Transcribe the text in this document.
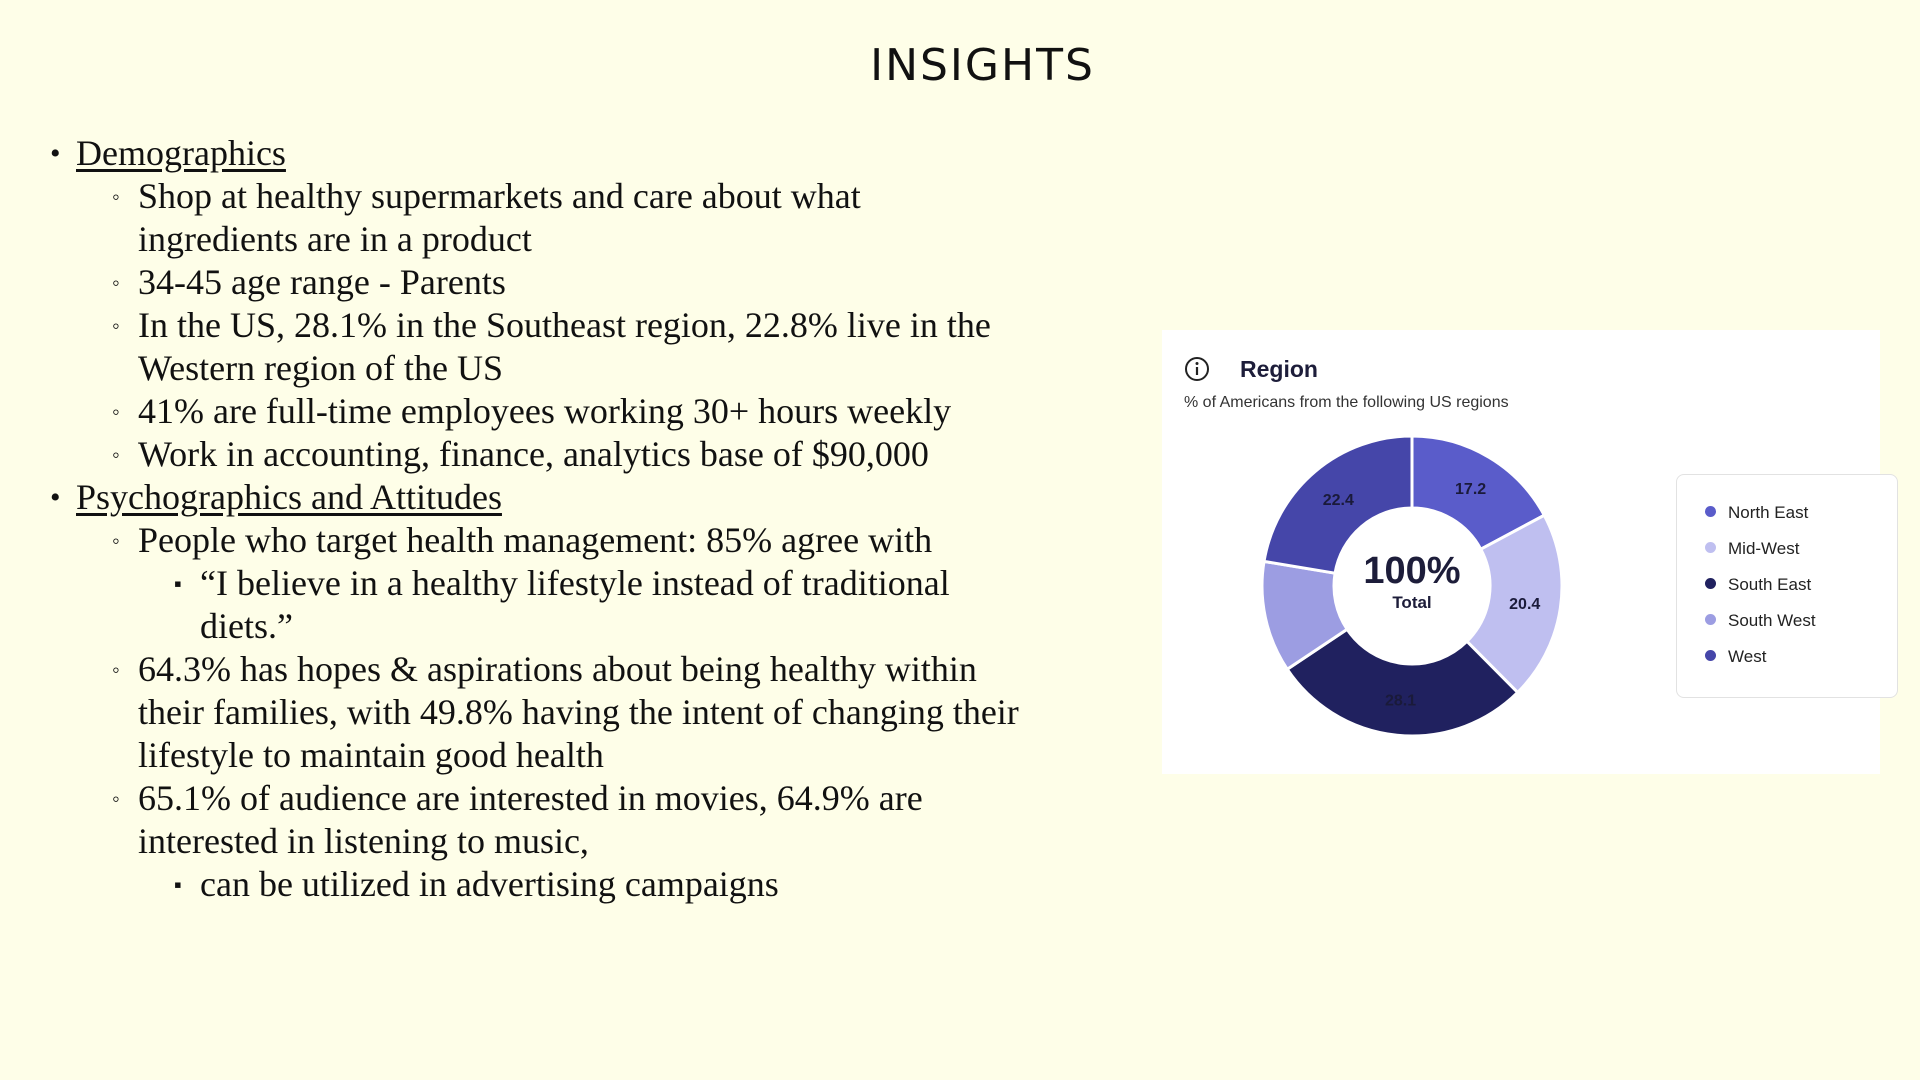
INSIGHTS
• Demographics
◦ Shop at healthy supermarkets and care about what
ingredients are in a product
◦ 34-45 age range - Parents
◦ In the US, 28.1% in the Southeast region, 22.8% live in the
Western region of the US
◦ 41% are full-time employees working 30+ hours weekly
◦ Work in accounting, finance, analytics base of $90,000
• Psychographics and Attitudes
◦ People who target health management: 85% agree with
▪ “I believe in a healthy lifestyle instead of traditional
diets.”
◦ 64.3% has hopes & aspirations about being healthy within
their families, with 49.8% having the intent of changing their
lifestyle to maintain good health
◦ 65.1% of audience are interested in movies, 64.9% are
interested in listening to music,
▪ can be utilized in advertising campaigns
Region
% of Americans from the following US regions
17.2
20.4
28.1
22.4
100%
Total
North East
Mid-West
South East
South West
West
